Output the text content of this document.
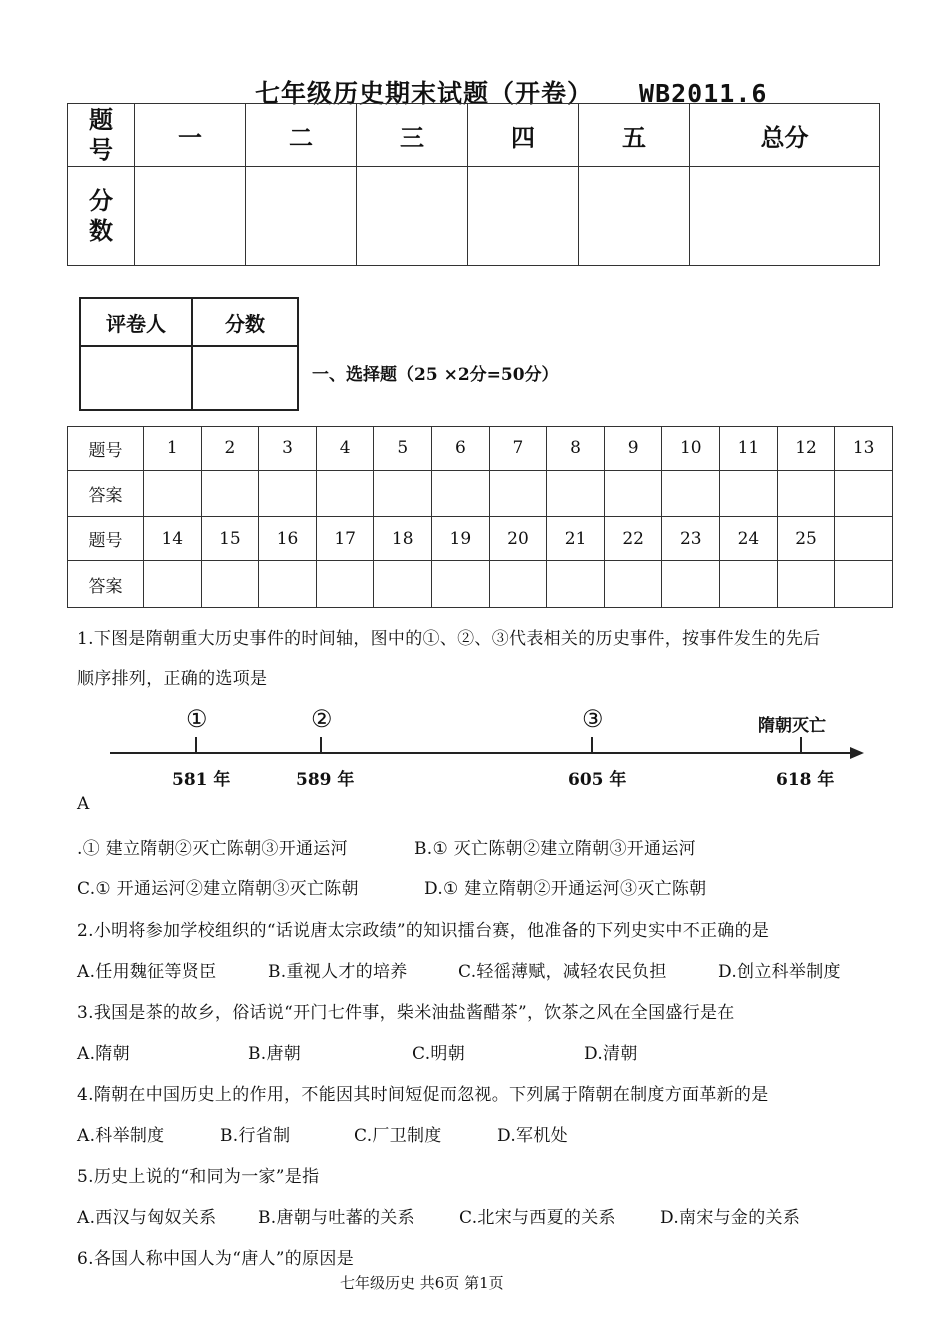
七年级历史期末试题（开卷） WB2011.6
题
号	一	二	三	四	五	总分

分
数						

评卷人	分数

一、选择题（25 ×2分=50分）
题号	1	2	3	4	5	6	7	8	9	10	11	12	13
答案													
题号	14	15	16	17	18	19	20	21	22	23	24	25	
答案													
1.下图是隋朝重大历史事件的时间轴，图中的①、②、③代表相关的历史事件，按事件发生的先后
顺序排列，正确的选项是
①	②	③	隋朝灭亡
581 年	589 年	605 年	618 年
A
.① 建立隋朝②灭亡陈朝③开通运河	B.① 灭亡陈朝②建立隋朝③开通运河
C.① 开通运河②建立隋朝③灭亡陈朝	D.① 建立隋朝②开通运河③灭亡陈朝
2.小明将参加学校组织的“话说唐太宗政绩”的知识擂台赛，他准备的下列史实中不正确的是
A.任用魏征等贤臣	B.重视人才的培养	C.轻徭薄赋，减轻农民负担	D.创立科举制度
3.我国是茶的故乡，俗话说“开门七件事，柴米油盐酱醋茶”，饮茶之风在全国盛行是在
A.隋朝	B.唐朝	C.明朝	D.清朝
4.隋朝在中国历史上的作用，不能因其时间短促而忽视。下列属于隋朝在制度方面革新的是
A.科举制度	B.行省制	C.厂卫制度	D.军机处
5.历史上说的“和同为一家”是指
A.西汉与匈奴关系 B.唐朝与吐蕃的关系	C.北宋与西夏的关系	D.南宋与金的关系
6.各国人称中国人为“唐人”的原因是
七年级历史 共6页 第1页
